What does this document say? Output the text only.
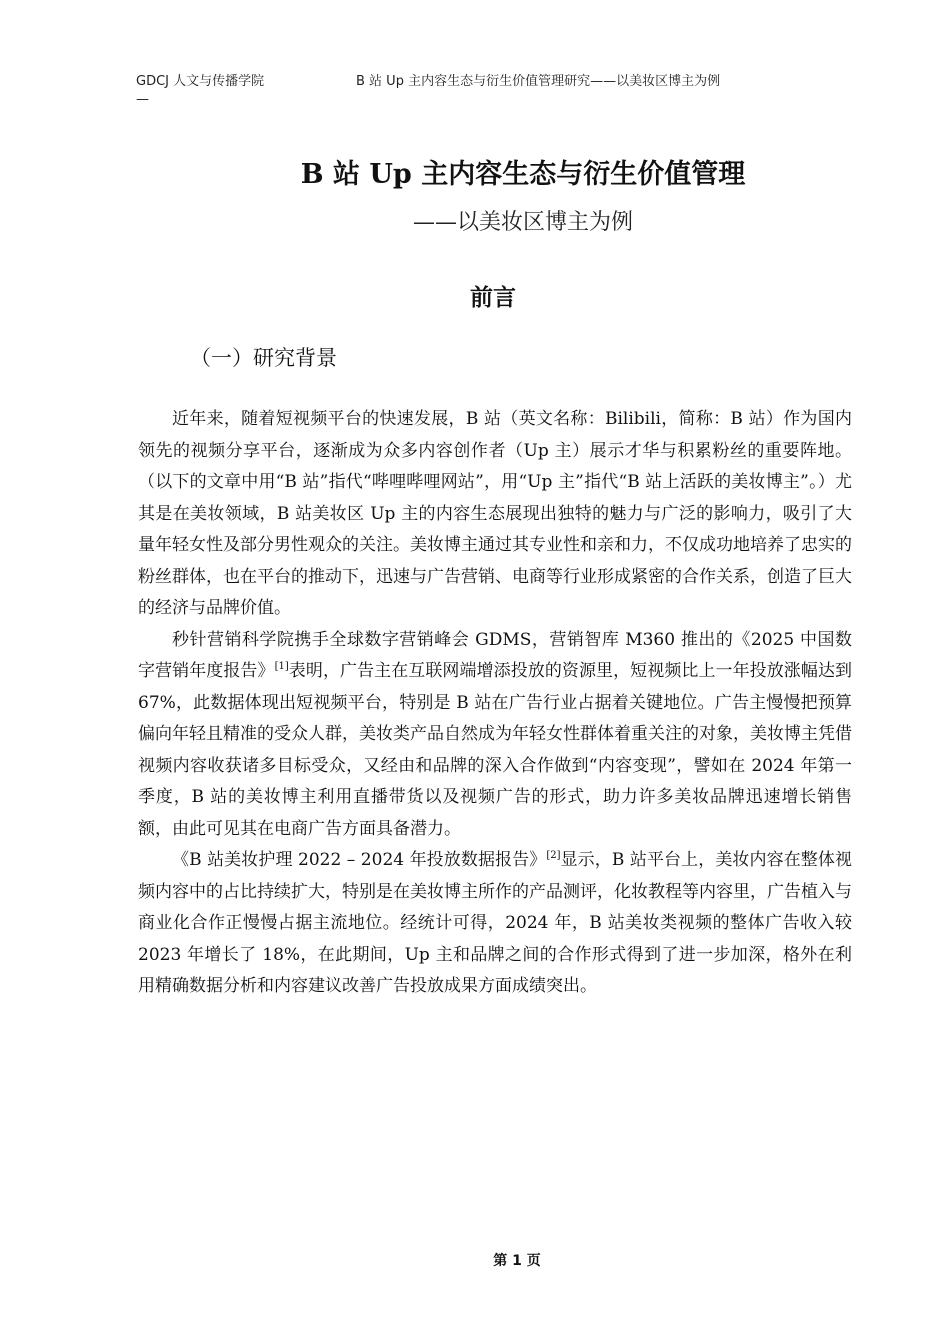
GDCJ 人文与传播学院
—
B 站 Up 主内容生态与衍生价值管理研究——以美妆区博主为例
B 站 Up 主内容生态与衍生价值管理
——以美妆区博主为例
前言
（一）研究背景

近年来，随着短视频平台的快速发展，B 站（英文名称：Bilibili，简称：B 站）作为国内领先的视频分享平台，逐渐成为众多内容创作者（Up 主）展示才华与积累粉丝的重要阵地。（以下的文章中用“B 站”指代“哔哩哔哩网站”，用“Up 主”指代“B 站上活跃的美妆博主”。）尤其是在美妆领域，B 站美妆区 Up 主的内容生态展现出独特的魅力与广泛的影响力，吸引了大量年轻女性及部分男性观众的关注。美妆博主通过其专业性和亲和力，不仅成功地培养了忠实的粉丝群体，也在平台的推动下，迅速与广告营销、电商等行业形成紧密的合作关系，创造了巨大的经济与品牌价值。

秒针营销科学院携手全球数字营销峰会 GDMS，营销智库 M360 推出的《2025 中国数字营销年度报告》[1]表明，广告主在互联网端增添投放的资源里，短视频比上一年投放涨幅达到 67%，此数据体现出短视频平台，特别是 B 站在广告行业占据着关键地位。广告主慢慢把预算偏向年轻且精准的受众人群，美妆类产品自然成为年轻女性群体着重关注的对象，美妆博主凭借视频内容收获诸多目标受众，又经由和品牌的深入合作做到“内容变现”，譬如在 2024 年第一季度，B 站的美妆博主利用直播带货以及视频广告的形式，助力许多美妆品牌迅速增长销售额，由此可见其在电商广告方面具备潜力。

《B 站美妆护理 2022 – 2024 年投放数据报告》[2]显示，B 站平台上，美妆内容在整体视频内容中的占比持续扩大，特别是在美妆博主所作的产品测评，化妆教程等内容里，广告植入与商业化合作正慢慢占据主流地位。经统计可得，2024 年，B 站美妆类视频的整体广告收入较 2023 年增长了 18%，在此期间，Up 主和品牌之间的合作形式得到了进一步加深，格外在利用精确数据分析和内容建议改善广告投放成果方面成绩突出。

第 1 页
